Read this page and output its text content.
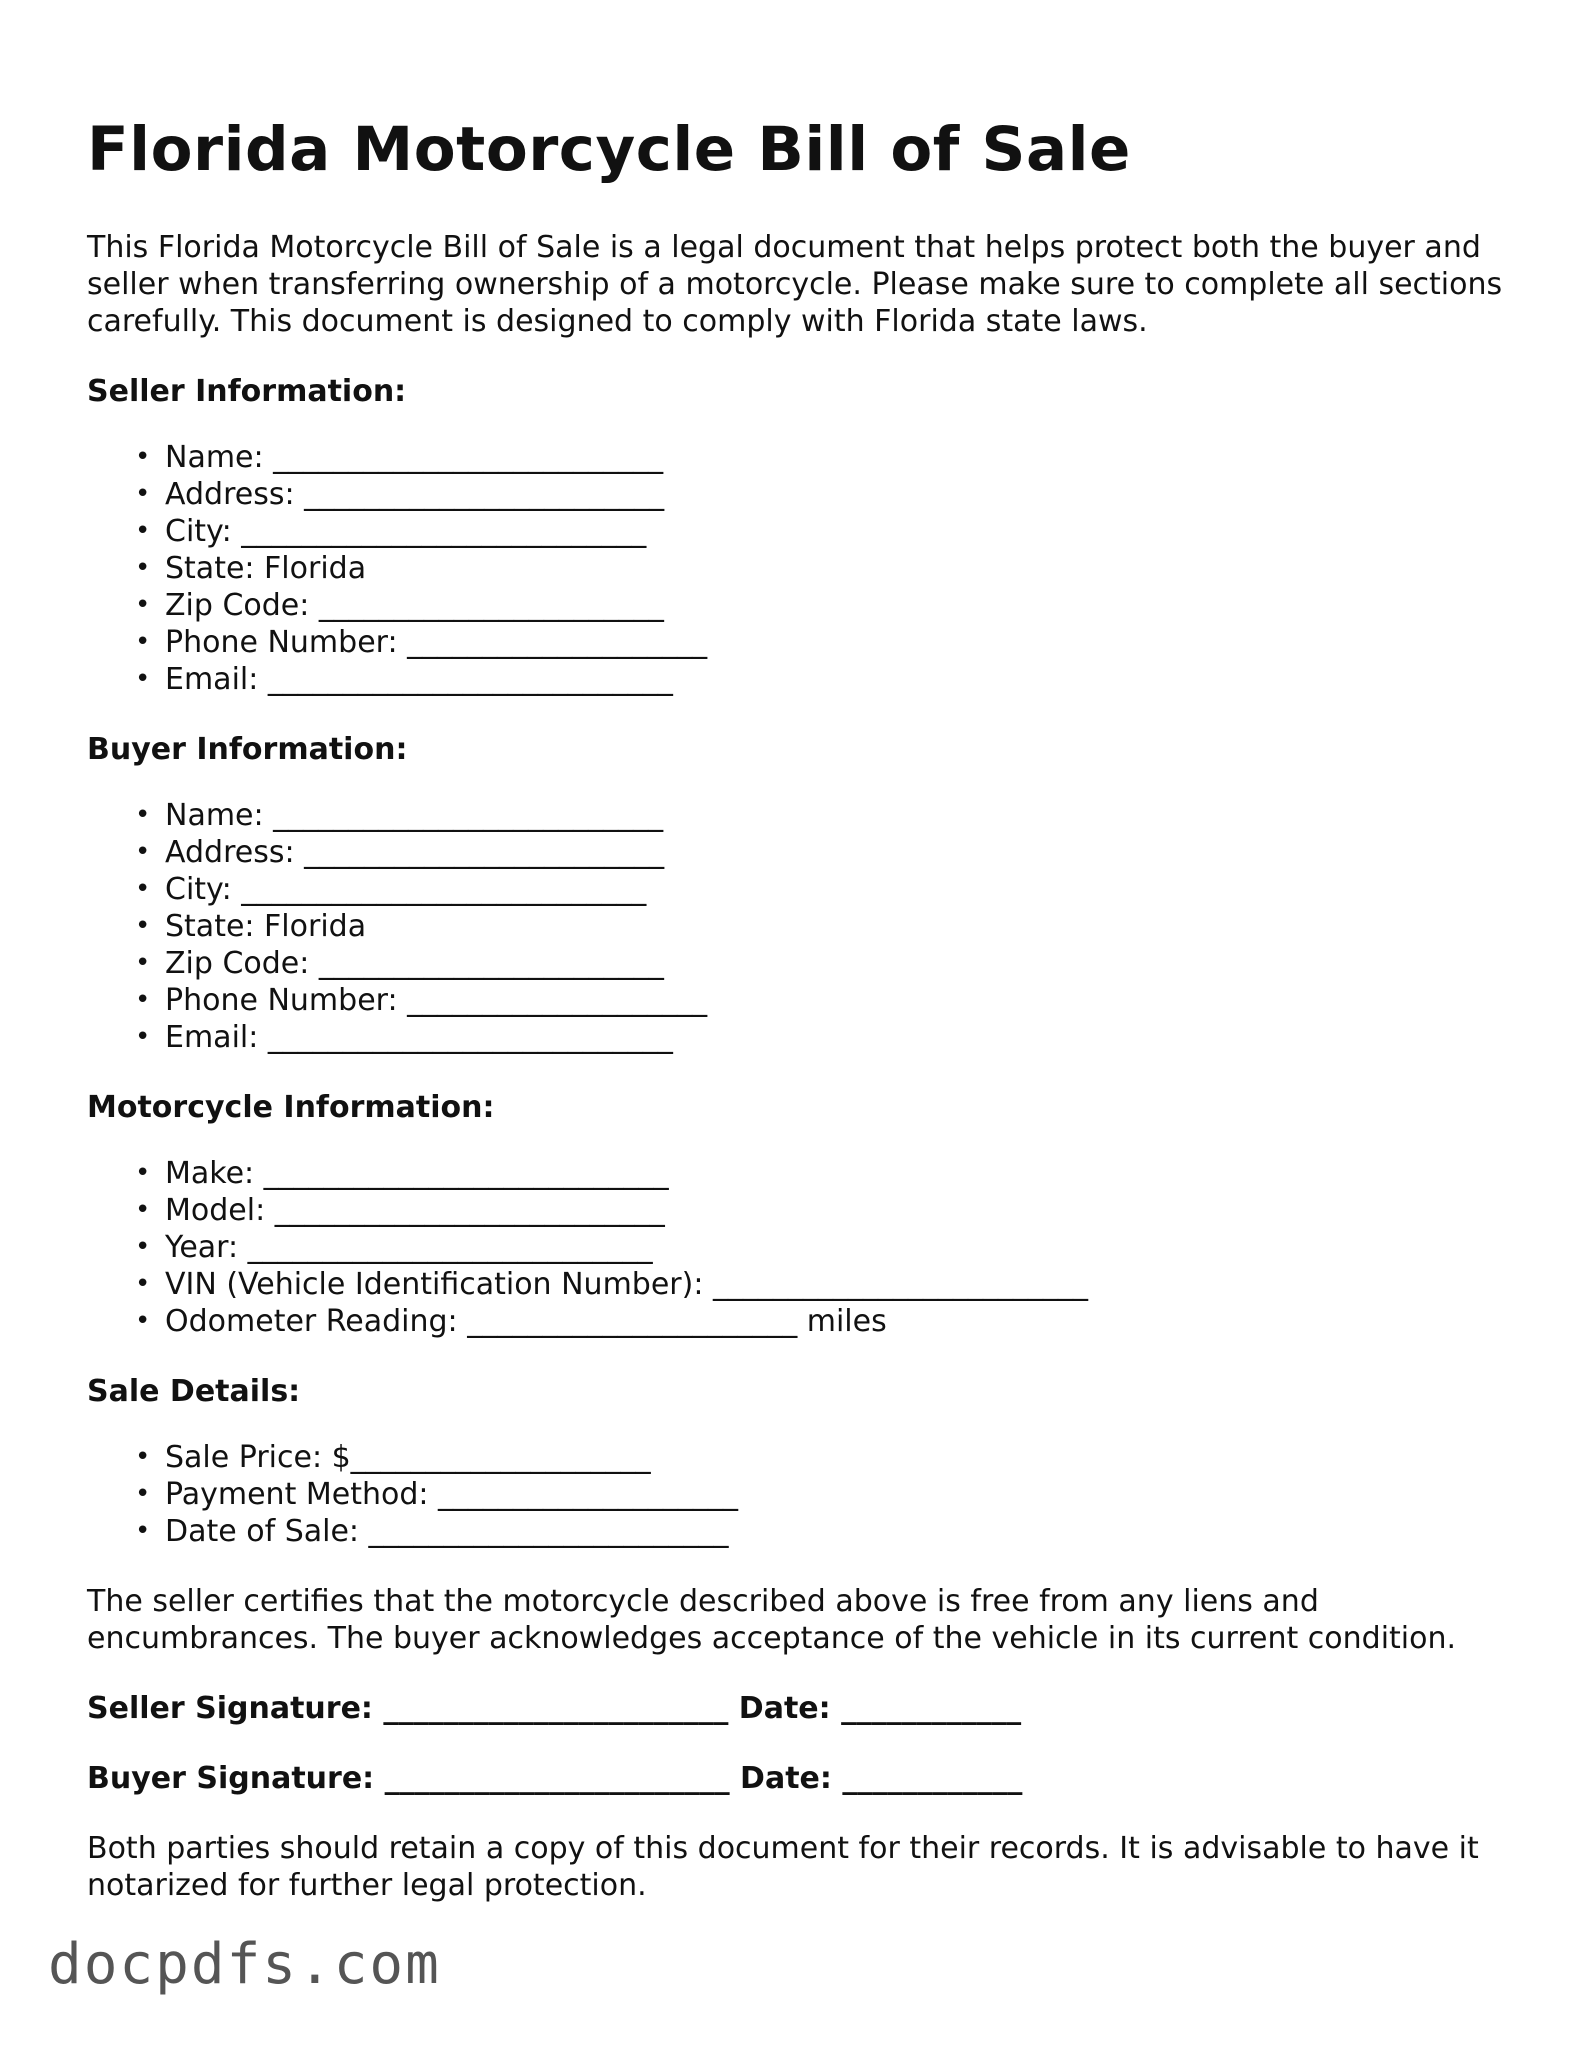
Florida Motorcycle Bill of Sale

This Florida Motorcycle Bill of Sale is a legal document that helps protect both the buyer and seller when transferring ownership of a motorcycle. Please make sure to complete all sections carefully. This document is designed to comply with Florida state laws.

Seller Information:
• Name: __________________________
• Address: ________________________
• City: ___________________________
• State: Florida
• Zip Code: _______________________
• Phone Number: ____________________
• Email: ___________________________
Buyer Information:
• Name: __________________________
• Address: ________________________
• City: ___________________________
• State: Florida
• Zip Code: _______________________
• Phone Number: ____________________
• Email: ___________________________
Motorcycle Information:
• Make: ___________________________
• Model: __________________________
• Year: ___________________________
• VIN (Vehicle Identification Number): _________________________
• Odometer Reading: ______________________ miles
Sale Details:
• Sale Price: $____________________
• Payment Method: ____________________
• Date of Sale: ________________________

The seller certifies that the motorcycle described above is free from any liens and encumbrances. The buyer acknowledges acceptance of the vehicle in its current condition.

Seller Signature: _______________________ Date: ____________
Buyer Signature: _______________________ Date: ____________

Both parties should retain a copy of this document for their records. It is advisable to have it notarized for further legal protection.

docpdfs.com
